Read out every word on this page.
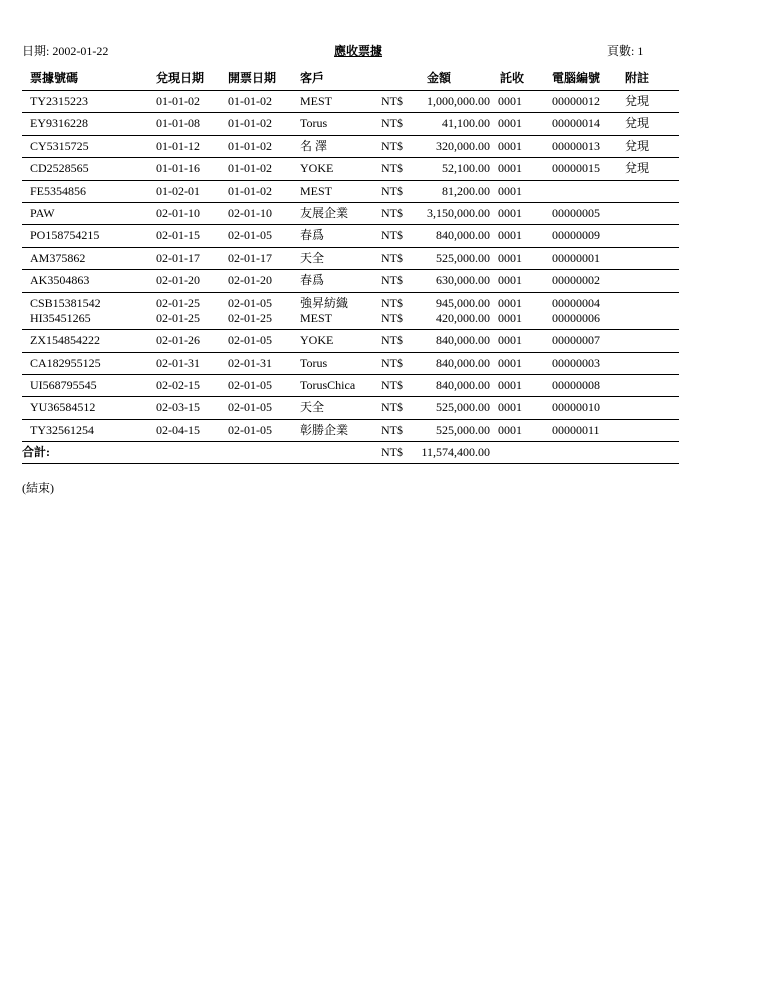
日期: 2002-01-22	應收票據	頁數: 1
票據號碼	兌現日期 開票日期 客戶	金額	託收 電腦編號 附註
TY2315223	01-01-02 01-01-02 MEST	NT$	1,000,000.00 0001	00000012 兌現
EY9316228	01-01-08 01-01-02 Torus	NT$	41,100.00 0001	00000014 兌現
CY5315725	01-01-12 01-01-02 名 澤	NT$	320,000.00 0001	00000013 兌現
CD2528565	01-01-16 01-01-02 YOKE	NT$	52,100.00 0001	00000015 兌現
FE5354856	01-02-01 01-01-02 MEST	NT$	81,200.00 0001
PAW	02-01-10 02-01-10 友展企業	NT$	3,150,000.00 0001	00000005
PO158754215	02-01-15 02-01-05 春爲	NT$	840,000.00 0001	00000009
AM375862	02-01-17 02-01-17 天全	NT$	525,000.00 0001	00000001
AK3504863	02-01-20 02-01-20 春爲	NT$	630,000.00 0001	00000002
CSB15381542	02-01-25 02-01-05 強昇紡織	NT$	945,000.00 0001	00000004
HI35451265	02-01-25 02-01-25 MEST	NT$	420,000.00 0001	00000006
ZX154854222	02-01-26 02-01-05 YOKE	NT$	840,000.00 0001	00000007
CA182955125	02-01-31 02-01-31 Torus	NT$	840,000.00 0001	00000003
UI568795545	02-02-15 02-01-05 TorusChica NT$	840,000.00 0001	00000008
YU36584512	02-03-15 02-01-05 天全	NT$	525,000.00 0001	00000010
TY32561254	02-04-15 02-01-05 彰勝企業	NT$	525,000.00 0001	00000011
合計:	NT$	11,574,400.00
(結束)
